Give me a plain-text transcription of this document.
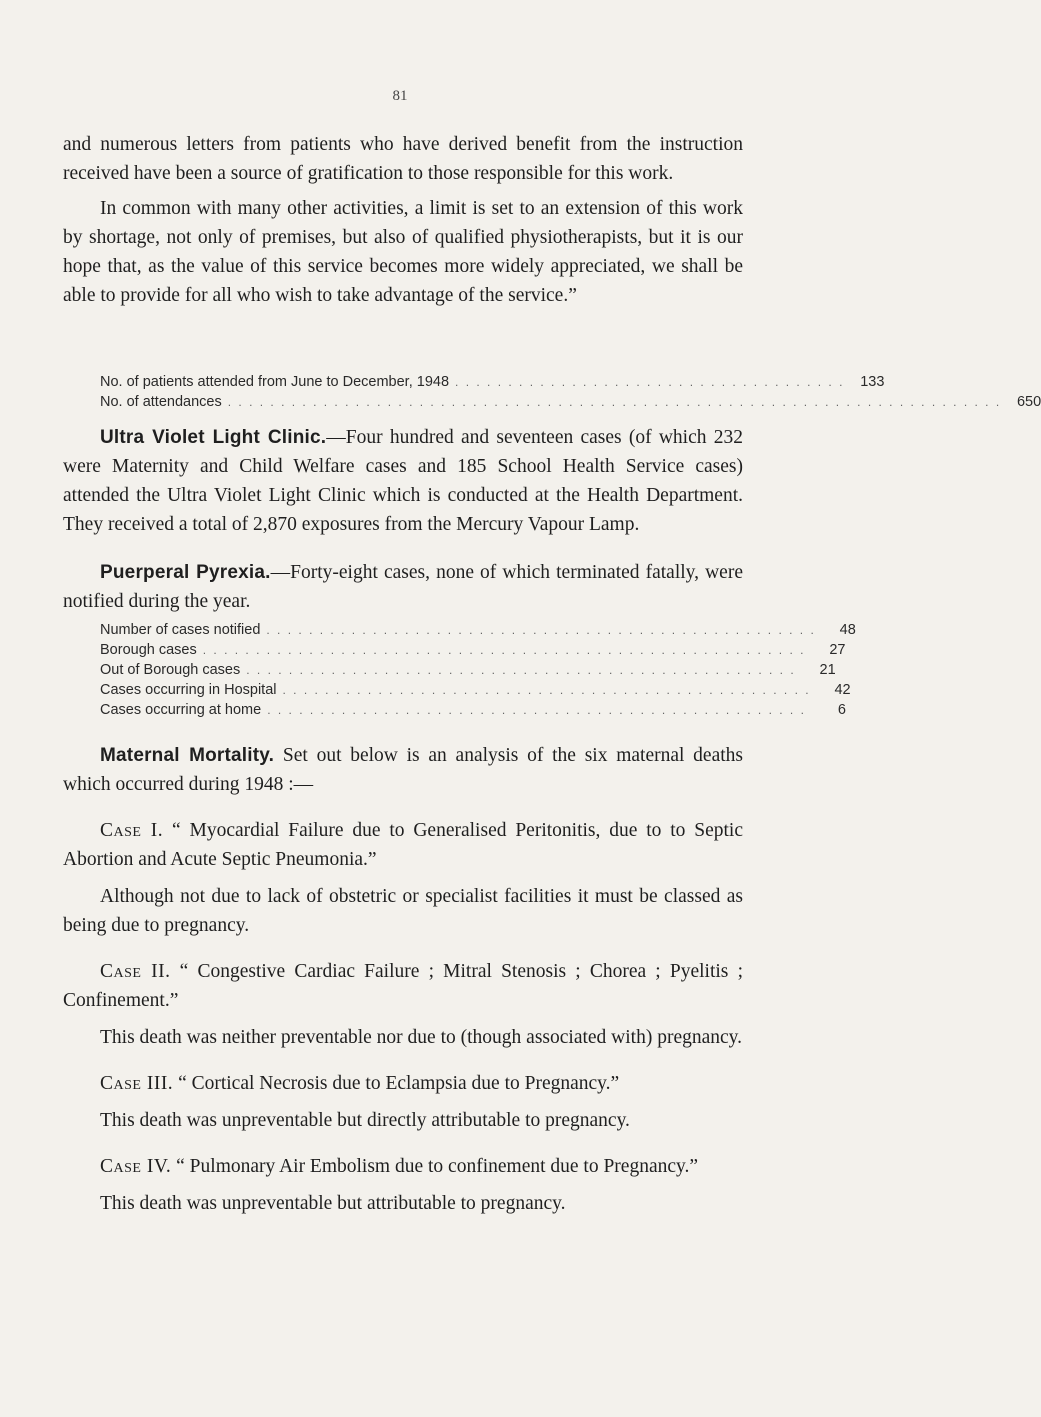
81

and numerous letters from patients who have derived benefit from the instruction received have been a source of gratification to those responsible for this work.

In common with many other activities, a limit is set to an extension of this work by shortage, not only of premises, but also of qualified physiotherapists, but it is our hope that, as the value of this service becomes more widely appreciated, we shall be able to provide for all who wish to take advantage of the service.”

No. of patients attended from June to December, 1948 . . . . . . . . . . . . . . . . . . . . . . . . . . . . . . . . . . . . .	133
No. of attendances . . . . . . . . . . . . . . . . . . . . . . . . . . . . . . . . . . . . . . . . . . . . . . . . . . . . . . . . . . . . . . . . . . . . . . . . .	650

Ultra Violet Light Clinic.—Four hundred and seventeen cases (of which 232 were Maternity and Child Welfare cases and 185 School Health Service cases) attended the Ultra Violet Light Clinic which is conducted at the Health Department. They received a total of 2,870 exposures from the Mercury Vapour Lamp.

Puerperal Pyrexia.—Forty-eight cases, none of which terminated fatally, were notified during the year.

Number of cases notified . . . . . . . . . . . . . . . . . . . . . . . . . . . . . . . . . . . . . . . . . . . . . . . . . . . .	48
Borough cases . . . . . . . . . . . . . . . . . . . . . . . . . . . . . . . . . . . . . . . . . . . . . . . . . . . . . . . . .	27
Out of Borough cases . . . . . . . . . . . . . . . . . . . . . . . . . . . . . . . . . . . . . . . . . . . . . . . . . . . .	21
Cases occurring in Hospital . . . . . . . . . . . . . . . . . . . . . . . . . . . . . . . . . . . . . . . . . . . . . . . . . .	42
Cases occurring at home . . . . . . . . . . . . . . . . . . . . . . . . . . . . . . . . . . . . . . . . . . . . . . . . . . .	6

Maternal Mortality. Set out below is an analysis of the six maternal deaths which occurred during 1948 :—

Case I. “ Myocardial Failure due to Generalised Peritonitis, due to to Septic Abortion and Acute Septic Pneumonia.”

Although not due to lack of obstetric or specialist facilities it must be classed as being due to pregnancy.

Case II. “ Congestive Cardiac Failure ; Mitral Stenosis ; Chorea ; Pyelitis ; Confinement.”

This death was neither preventable nor due to (though associated with) pregnancy.

Case III. “ Cortical Necrosis due to Eclampsia due to Pregnancy.”

This death was unpreventable but directly attributable to pregnancy.

Case IV. “ Pulmonary Air Embolism due to confinement due to Pregnancy.”

This death was unpreventable but attributable to pregnancy.
